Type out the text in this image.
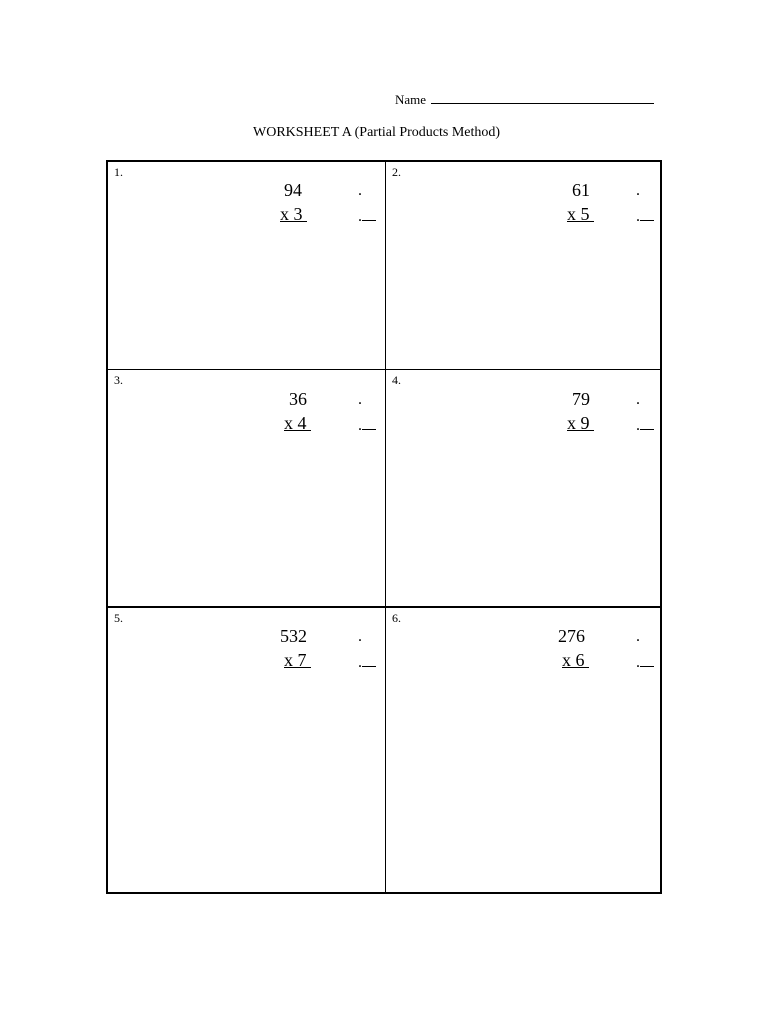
Name
WORKSHEET A (Partial Products Method)
1.
94	.
x 3	.
2.
61	.
x 5	.
3.
36	.
x 4	.
4.
79	.
x 9	.
5.
532	.
x 7	.
6.
276	.
x 6	.
